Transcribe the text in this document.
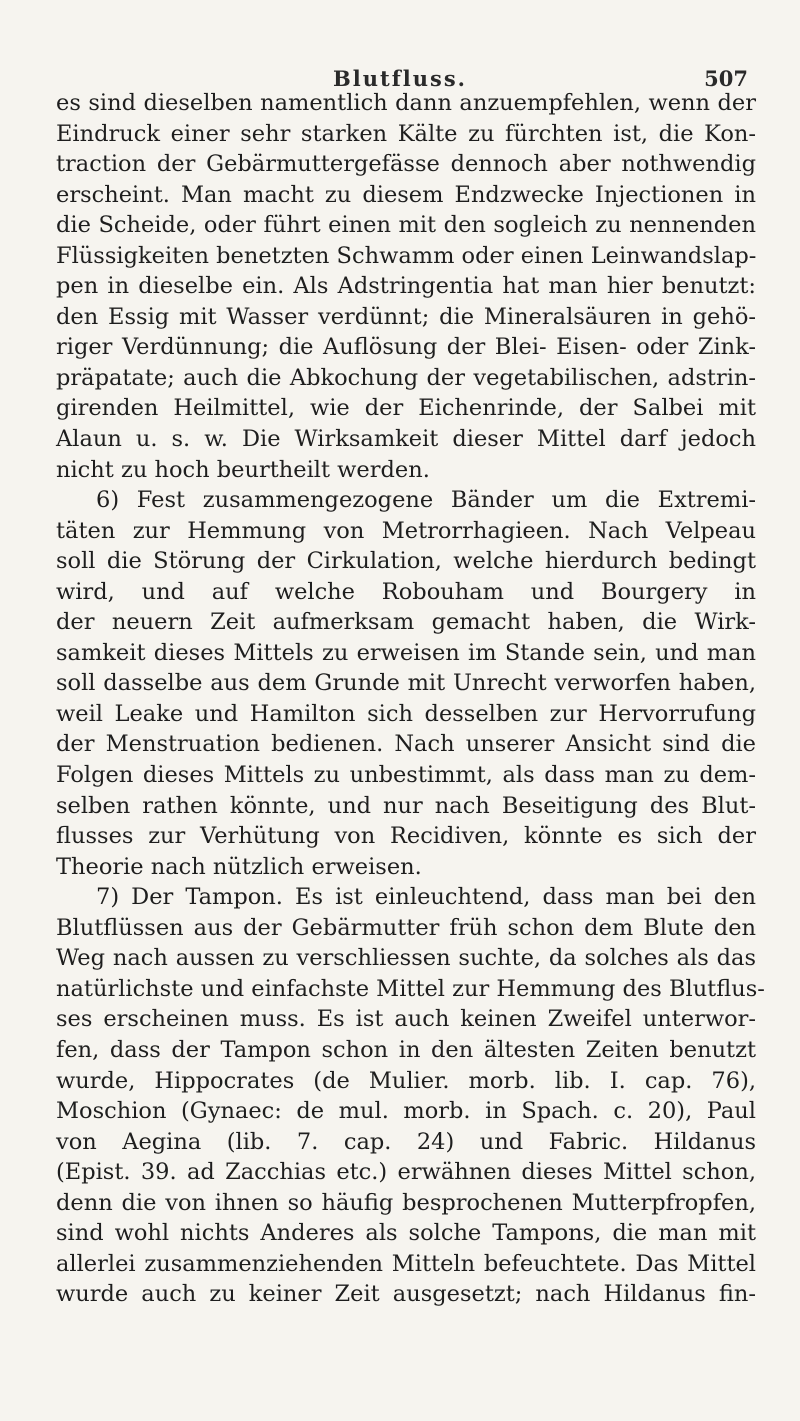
Blutfluss.	507
es sind dieselben namentlich dann anzuempfehlen, wenn der
Eindruck einer sehr starken Kälte zu fürchten ist, die Kon-
traction der Gebärmuttergefässe dennoch aber nothwendig
erscheint. Man macht zu diesem Endzwecke Injectionen in
die Scheide, oder führt einen mit den sogleich zu nennenden
Flüssigkeiten benetzten Schwamm oder einen Leinwandslap-
pen in dieselbe ein. Als Adstringentia hat man hier benutzt:
den Essig mit Wasser verdünnt; die Mineralsäuren in gehö-
riger Verdünnung; die Auflösung der Blei- Eisen- oder Zink-
präpatate; auch die Abkochung der vegetabilischen, adstrin-
girenden Heilmittel, wie der Eichenrinde, der Salbei mit
Alaun u. s. w. Die Wirksamkeit dieser Mittel darf jedoch
nicht zu hoch beurtheilt werden.
6) Fest zusammengezogene Bänder um die Extremi-
täten zur Hemmung von Metrorrhagieen. Nach Velpeau
soll die Störung der Cirkulation, welche hierdurch bedingt
wird, und auf welche Robouham und Bourgery in
der neuern Zeit aufmerksam gemacht haben, die Wirk-
samkeit dieses Mittels zu erweisen im Stande sein, und man
soll dasselbe aus dem Grunde mit Unrecht verworfen haben,
weil Leake und Hamilton sich desselben zur Hervorrufung
der Menstruation bedienen. Nach unserer Ansicht sind die
Folgen dieses Mittels zu unbestimmt, als dass man zu dem-
selben rathen könnte, und nur nach Beseitigung des Blut-
flusses zur Verhütung von Recidiven, könnte es sich der
Theorie nach nützlich erweisen.
7) Der Tampon. Es ist einleuchtend, dass man bei den
Blutflüssen aus der Gebärmutter früh schon dem Blute den
Weg nach aussen zu verschliessen suchte, da solches als das
natürlichste und einfachste Mittel zur Hemmung des Blutflus-
ses erscheinen muss. Es ist auch keinen Zweifel unterwor-
fen, dass der Tampon schon in den ältesten Zeiten benutzt
wurde, Hippocrates (de Mulier. morb. lib. I. cap. 76),
Moschion (Gynaec: de mul. morb. in Spach. c. 20), Paul
von Aegina (lib. 7. cap. 24) und Fabric. Hildanus
(Epist. 39. ad Zacchias etc.) erwähnen dieses Mittel schon,
denn die von ihnen so häufig besprochenen Mutterpfropfen,
sind wohl nichts Anderes als solche Tampons, die man mit
allerlei zusammenziehenden Mitteln befeuchtete. Das Mittel
wurde auch zu keiner Zeit ausgesetzt; nach Hildanus fin-
